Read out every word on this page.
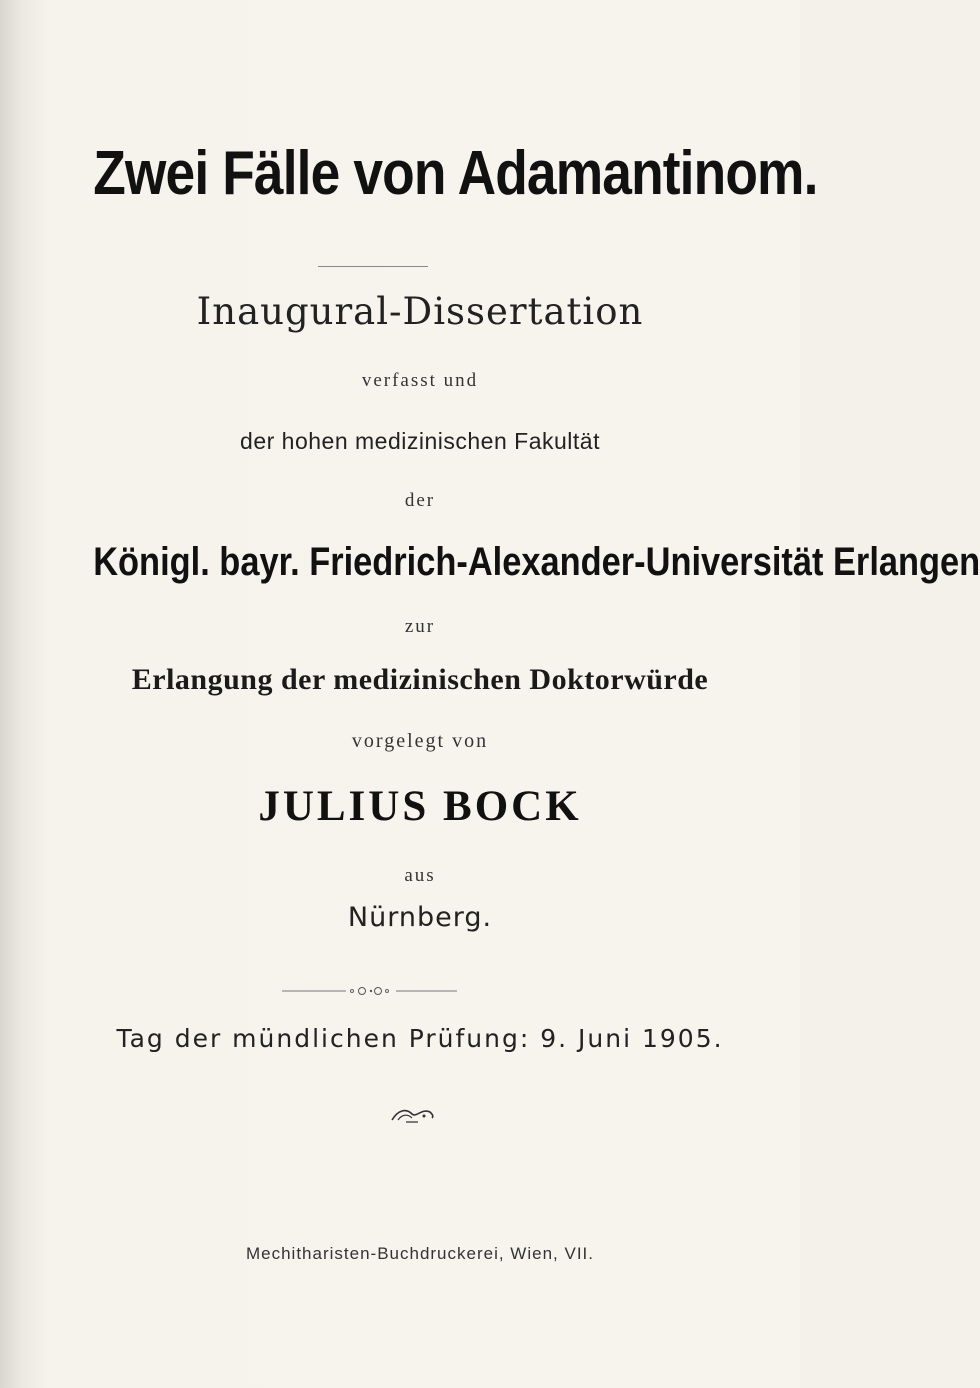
Zwei Fälle von Adamantinom.
Inaugural-Dissertation
verfasst und
der hohen medizinischen Fakultät
der
Königl. bayr. Friedrich-Alexander-Universität Erlangen
zur
Erlangung der medizinischen Doktorwürde
vorgelegt von
JULIUS BOCK
aus
Nürnberg.
Tag der mündlichen Prüfung: 9. Juni 1905.
Mechitharisten-Buchdruckerei, Wien, VII.
